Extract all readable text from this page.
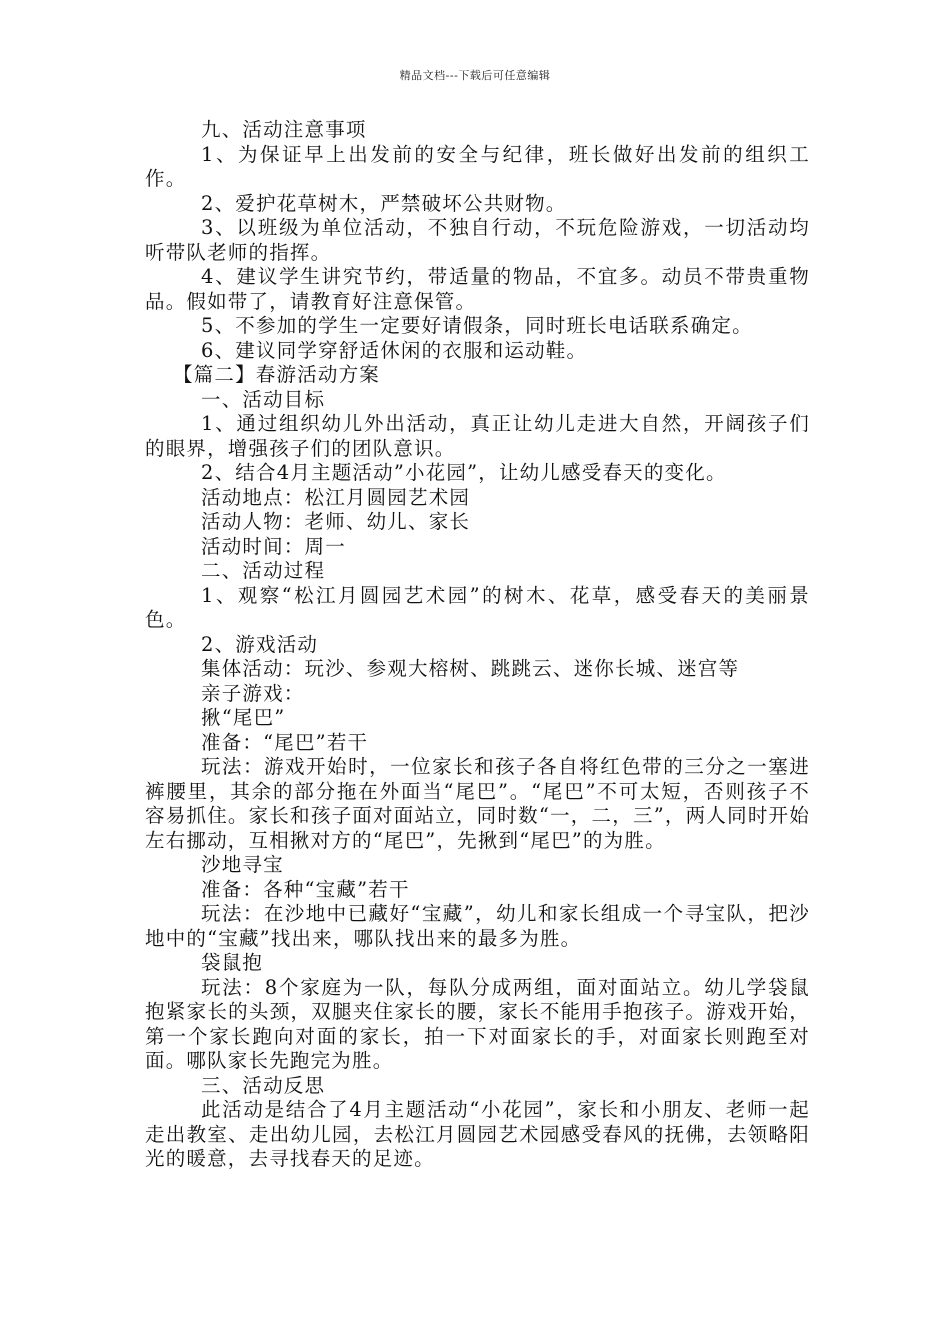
精品文档---下载后可任意编辑

九、活动注意事项

1、为保证早上出发前的安全与纪律，班长做好出发前的组织工作。

2、爱护花草树木，严禁破坏公共财物。

3、以班级为单位活动，不独自行动，不玩危险游戏，一切活动均听带队老师的指挥。

4、建议学生讲究节约，带适量的物品，不宜多。动员不带贵重物品。假如带了，请教育好注意保管。

5、不参加的学生一定要好请假条，同时班长电话联系确定。

6、建议同学穿舒适休闲的衣服和运动鞋。

【篇二】春游活动方案

一、活动目标

1、通过组织幼儿外出活动，真正让幼儿走进大自然，开阔孩子们的眼界，增强孩子们的团队意识。

2、结合4月主题活动”小花园”，让幼儿感受春天的变化。

活动地点：松江月圆园艺术园

活动人物：老师、幼儿、家长

活动时间：周一

二、活动过程

1、观察“松江月圆园艺术园”的树木、花草，感受春天的美丽景色。

2、游戏活动

集体活动：玩沙、参观大榕树、跳跳云、迷你长城、迷宫等

亲子游戏：

揪“尾巴”

准备：“尾巴”若干

玩法：游戏开始时，一位家长和孩子各自将红色带的三分之一塞进裤腰里，其余的部分拖在外面当“尾巴”。“尾巴”不可太短，否则孩子不容易抓住。家长和孩子面对面站立，同时数“一，二，三”，两人同时开始左右挪动，互相揪对方的“尾巴”，先揪到“尾巴”的为胜。

沙地寻宝

准备：各种“宝藏”若干

玩法：在沙地中已藏好“宝藏”，幼儿和家长组成一个寻宝队，把沙地中的“宝藏”找出来，哪队找出来的最多为胜。

袋鼠抱

玩法：8个家庭为一队，每队分成两组，面对面站立。幼儿学袋鼠抱紧家长的头颈，双腿夹住家长的腰，家长不能用手抱孩子。游戏开始，第一个家长跑向对面的家长，拍一下对面家长的手，对面家长则跑至对面。哪队家长先跑完为胜。

三、活动反思

此活动是结合了4月主题活动“小花园”，家长和小朋友、老师一起走出教室、走出幼儿园，去松江月圆园艺术园感受春风的抚佛，去领略阳光的暖意，去寻找春天的足迹。
